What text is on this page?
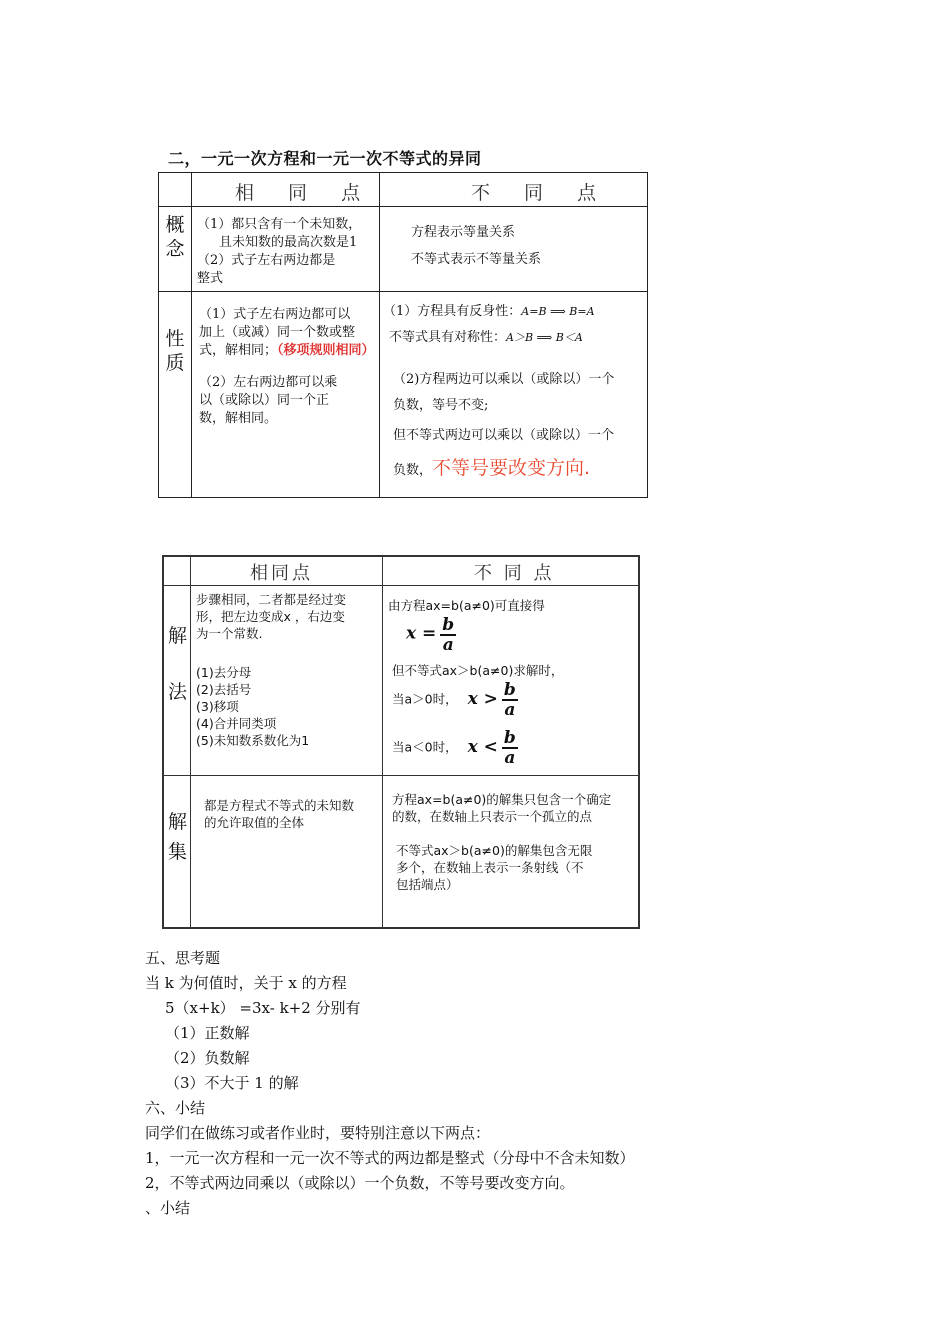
二，一元一次方程和一元一次不等式的异同
相 同 点	不 同 点
概念
（1）都只含有一个未知数，
且未知数的最高次数是1
（2）式子左右两边都是
整式
方程表示等量关系
不等式表示不等量关系
性质
（1）式子左右两边都可以
加上（或减）同一个数或整
式，解相同；（移项规则相同）
（2）左右两边都可以乘
以（或除以）同一个正
数，解相同。
（1）方程具有反身性：A=B ⟹ B=A
不等式具有对称性：A＞B ⟹ B＜A
（2)方程两边可以乘以（或除以）一个
负数，等号不变;
但不等式两边可以乘以（或除以）一个
负数，不等号要改变方向.
相同点	不 同 点
解
法
步骤相同，二者都是经过变
形，把左边变成x ，右边变
为一个常数.
(1)去分母
(2)去括号
(3)移项
(4)合并同类项
(5)未知数系数化为1
由方程ax=b(a≠0)可直接得
$x = \frac{b}{a}$
但不等式ax＞b(a≠0)求解时，
当a＞0时， $x > \frac{b}{a}$
当a＜0时， $x < \frac{b}{a}$
解
集
都是方程式不等式的未知数
的允许取值的全体
方程ax=b(a≠0)的解集只包含一个确定
的数，在数轴上只表示一个孤立的点
不等式ax＞b(a≠0)的解集包含无限
多个，在数轴上表示一条射线（不
包括端点）
五、思考题
当 k 为何值时，关于 x 的方程
5（x+k） =3x- k+2 分别有
（1）正数解
（2）负数解
（3）不大于 1 的解
六、小结
同学们在做练习或者作业时，要特别注意以下两点：
1，一元一次方程和一元一次不等式的两边都是整式（分母中不含未知数）
2，不等式两边同乘以（或除以）一个负数，不等号要改变方向。
、小结
